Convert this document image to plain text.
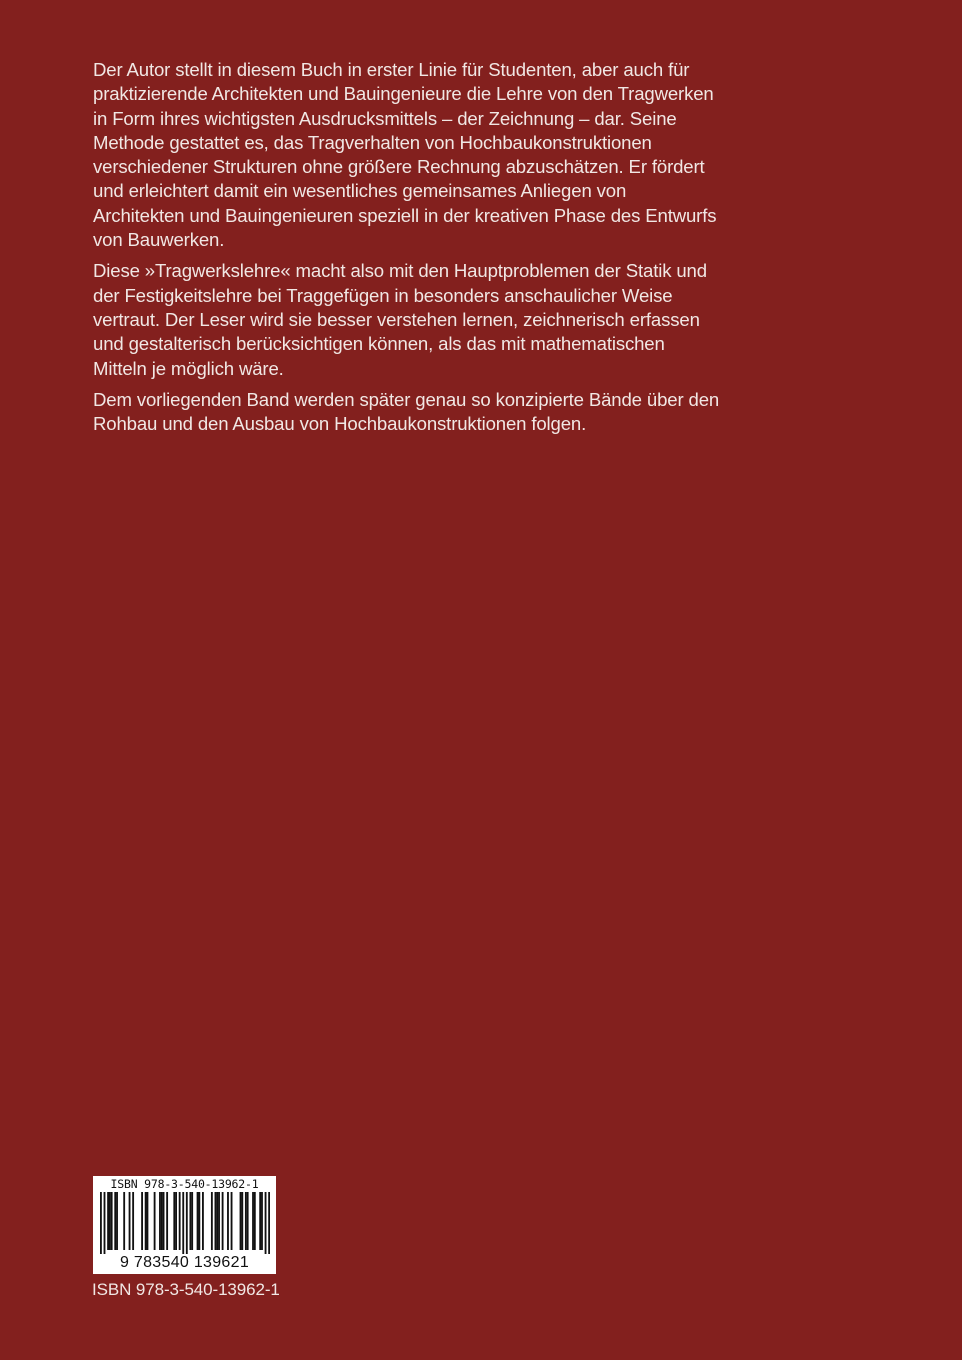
Der Autor stellt in diesem Buch in erster Linie für Studenten, aber auch für
praktizierende Architekten und Bauingenieure die Lehre von den Tragwerken
in Form ihres wichtigsten Ausdrucksmittels – der Zeichnung – dar. Seine
Methode gestattet es, das Tragverhalten von Hochbaukonstruktionen
verschiedener Strukturen ohne größere Rechnung abzuschätzen. Er fördert
und erleichtert damit ein wesentliches gemeinsames Anliegen von
Architekten und Bauingenieuren speziell in der kreativen Phase des Entwurfs
von Bauwerken.

Diese »Tragwerkslehre« macht also mit den Hauptproblemen der Statik und
der Festigkeitslehre bei Traggefügen in besonders anschaulicher Weise
vertraut. Der Leser wird sie besser verstehen lernen, zeichnerisch erfassen
und gestalterisch berücksichtigen können, als das mit mathematischen
Mitteln je möglich wäre.

Dem vorliegenden Band werden später genau so konzipierte Bände über den
Rohbau und den Ausbau von Hochbaukonstruktionen folgen.

ISBN 978-3-540-13962-1
9 783540 139621
ISBN 978-3-540-13962-1
